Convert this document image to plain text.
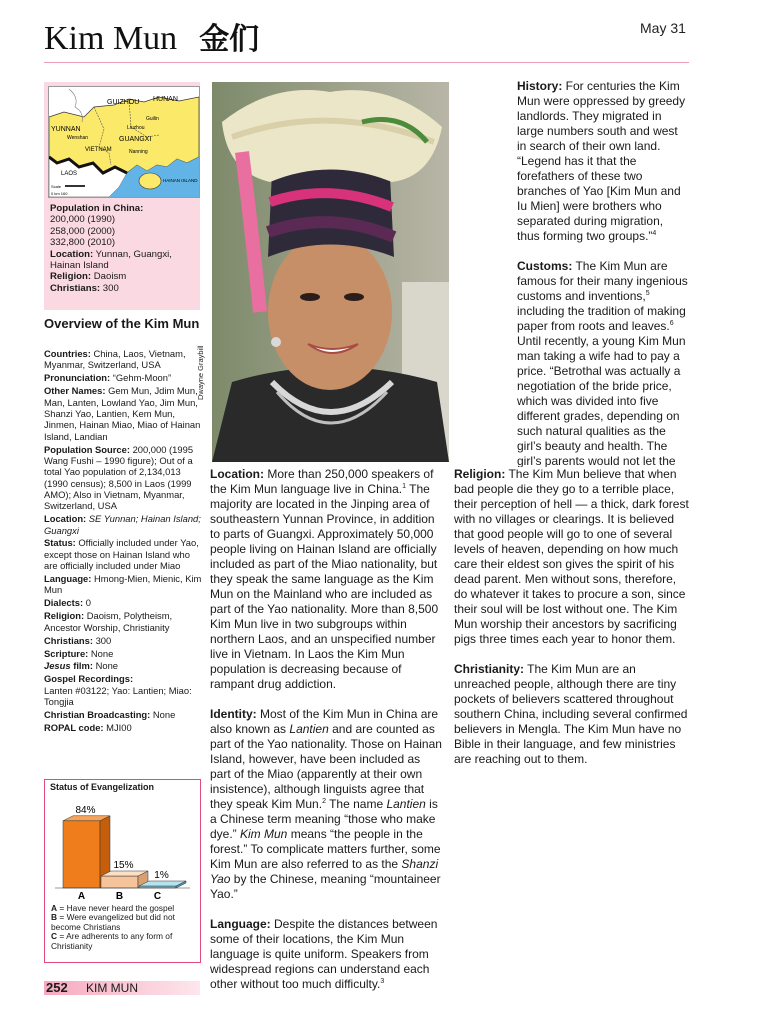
Kim Mun 金们	May 31
GUIZHOU HUNAN
Guilin
Liuzhou
YUNNAN
Wenshan	GUANGXI
Nanning
VIETNAM
LAOS
HAINAN ISLAND
Scale
0 km 160
Population in China:
200,000 (1990)
258,000 (2000)
332,800 (2010)
Location: Yunnan, Guangxi, Hainan Island
Religion: Daoism
Christians: 300
Overview of the Kim Mun

Countries: China, Laos, Vietnam, Myanmar, Switzerland, USA

Pronunciation: “Gehm-Moon”

Other Names: Gem Mun, Jdim Mun, Man, Lanten, Lowland Yao, Jim Mun, Shanzi Yao, Lantien, Kem Mun, Jinmen, Hainan Miao, Miao of Hainan Island, Landian

Population Source: 200,000 (1995 Wang Fushi – 1990 figure); Out of a total Yao population of 2,134,013 (1990 census); 8,500 in Laos (1999 AMO); Also in Vietnam, Myanmar, Switzerland, USA

Location: SE Yunnan; Hainan Island; Guangxi

Status: Officially included under Yao, except those on Hainan Island who are officially included under Miao

Language: Hmong-Mien, Mienic, Kim Mun

Dialects: 0

Religion: Daoism, Polytheism, Ancestor Worship, Christianity

Christians: 300

Scripture: None

Jesus film: None

Gospel Recordings:
Lanten #03122; Yao: Lantien; Miao: Tongjia

Christian Broadcasting: None

ROPAL code: MJI00

Status of Evangelization
84%
A
15%
B
1%
C

A = Have never heard the gospel

B = Were evangelized but did not become Christians

C = Are adherents to any form of Christianity

252 KIM MUN
Dwayne Graybill

Location: More than 250,000 speakers of the Kim Mun language live in China.$^1$ The majority are located in the Jinping area of southeastern Yunnan Province, in addition to parts of Guangxi. Approximately 50,000 people living on Hainan Island are officially included as part of the Miao nationality, but they speak the same language as the Kim Mun on the Mainland who are included as part of the Yao nationality. More than 8,500 Kim Mun live in two subgroups within northern Laos, and an unspecified number live in Vietnam. In Laos the Kim Mun population is decreasing because of rampant drug addiction.

Identity: Most of the Kim Mun in China are also known as Lantien and are counted as part of the Yao nationality. Those on Hainan Island, however, have been included as part of the Miao (apparently at their own insistence), although linguists agree that they speak Kim Mun.$^2$ The name Lantien is a Chinese term meaning “those who make dye.” Kim Mun means “the people in the forest.” To complicate matters further, some Kim Mun are also referred to as the Shanzi Yao by the Chinese, meaning “mountaineer Yao.”

Language: Despite the distances between some of their locations, the Kim Mun language is quite uniform. Speakers from widespread regions can understand each other without too much difficulty.$^3$

History: For centuries the Kim Mun were oppressed by greedy landlords. They migrated in large numbers south and west in search of their own land. “Legend has it that the forefathers of these two branches of Yao [Kim Mun and Iu Mien] were brothers who separated during migration, thus forming two groups.”$^4$

Customs: The Kim Mun are famous for their many ingenious customs and inventions,$^5$ including the tradition of making paper from roots and leaves.$^6$ Until recently, a young Kim Mun man taking a wife had to pay a price. “Betrothal was actually a negotiation of the bride price, which was divided into five different grades, depending on such natural qualities as the girl’s beauty and health. The girl’s parents would not let the

Religion: The Kim Mun believe that when bad people die they go to a terrible place, their perception of hell — a thick, dark forest with no villages or clearings. It is believed that good people will go to one of several levels of heaven, depending on how much care their eldest son gives the spirit of his dead parent. Men without sons, therefore, do whatever it takes to procure a son, since their soul will be lost without one. The Kim Mun worship their ancestors by sacrificing pigs three times each year to honor them.

Christianity: The Kim Mun are an unreached people, although there are tiny pockets of believers scattered throughout southern China, including several confirmed believers in Mengla. The Kim Mun have no Bible in their language, and few ministries are reaching out to them.
